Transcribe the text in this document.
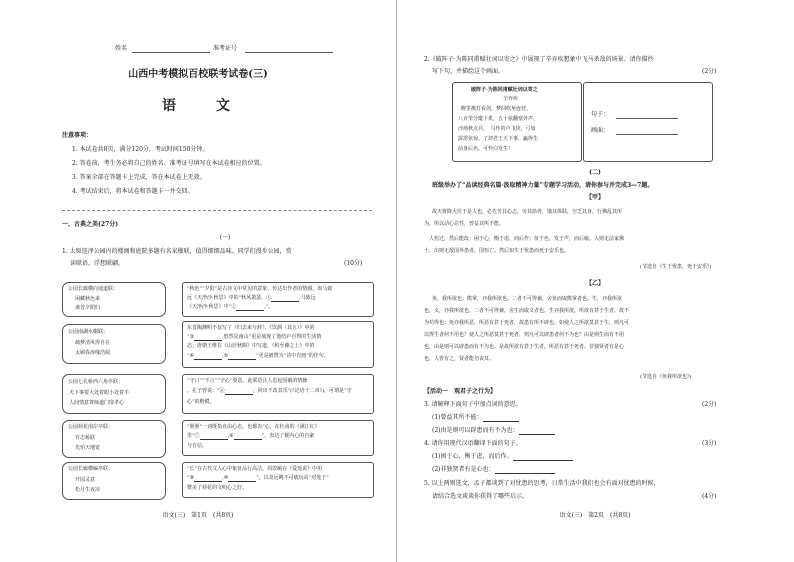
姓名	准考证号
山西中考模拟百校联考试卷(三)
语　　文
注意事项：
1. 本试卷共8页，满分120分，考试时间150分钟。
2. 答卷前，考生务必将自己的姓名、准考证号填写在本试卷相应的位置。
3. 答案全部在答题卡上完成，答在本试卷上无效。
4. 考试结束后，将本试卷和答题卡一并交回。
一、古典之美(27分)
(一)
1. 太原迎泽公园内的楼阁和庭院多题有名家楹联，值得细细品味。同学们漫步公园，赏
读联语，浮想联翩。	(10分)
公园长廊横向通道联：
闲藏秋色来
斋芳夕阳归
“秋色”“夕阳”是古诗文中常见的意象，传达出作者的情感，如马致
远《天净沙·秋思》中的“秋风萧瑟，①	,马致远
《天净沙·秋思》中“②	,”。
公园南湖水榭联：
疏梦清风得自在
太顾春涛缘浩阔
东晋陶渊明不仅写了《归去来兮辞》，《饮酒（其五）》中的
“③	,悠然见南山”更是展现了他结庐自得的生活情
态；唐朝王维在《山居秋暝》中写道，《积至藤之上》中的
“④	,⑤	”更是被赞为“诗中有画”的佳句。
公园七孔桥西六角亭联：
天下事要大处着眼小处着手
人间情意尊师道门扉孝心
“守口”“不言”“守心”要意。此联语注人思起国破的情操
。孔子曾说：“⑥	，同出不改其乐”(《论语十二章》)，可谓是“守
心”的楷模。
公园荷花南岸亭联：
有志桥联
先怕天地宽
“胆胆”一词既指直由心态，也都表“心，在杜甫的《满江红》
里“⑦	,⑧	”，表达了梗内心的自豪
与自信。
公园长廊横编亭联：
开园灵意
松月生夜凉
“长”在古代文人心中象征品行高洁。周敦颐在《爱莲说》中用
“⑨	,⑩	”，以及远眺不可亵玩焉”对莲子”
赞美了荷花的文明心之好。
语文(三)　第1页　(共8页)
2.《破阵子·为陈同甫赋壮词以寄之》中展现了辛弃疾想象中飞马杀敌的场景。请你描抄
写下句，并描绘这个画面。	(2分)
破阵子·为陈同甫赋壮词以寄之
辛弃疾
醉里挑灯看剑，梦回吹角连营。
八百里分麾下炙，五十弦翻塞外声。
沙场秋点兵。　马作的卢飞快，弓如
霹雳弦惊。了却君王天下事，赢得生
前身后名。可怜白发生！
句子：
画面：
(二)
班级举办了“品读经典名篇·汲取精神力量”专题学习活动，请你参与并完成3—7题。
【甲】
故天将降大任于是人也，必先苦其心志，劳其筋骨，饿其体肤，空乏其身，行拂乱其所
为，所以动心忍性，曾益其所不能。
　人恒过，然后能改；困于心，衡于虑，而后作；征于色，发于声，而后喻。入则无法家拂
士，出则无敌国外患者，国恒亡。然后知生于忧患而死于安乐也。
(节选自《生于忧患，死于安乐》)
【乙】
鱼，我所欲也；熊掌，亦我所欲也。二者不可得兼，舍鱼而取熊掌者也。生，亦我所欲
也，义，亦我所欲也。二者不可得兼，舍生而取义者也。生亦我所欲，所欲有甚于生者，故不
为苟得也；死亦我所恶，所恶有甚于死者，故患有所不辟也。如使人之所欲莫甚于生，则凡可
以得生者何不用也？使人之所恶莫甚于死者，则凡可以辟患者何不为也？由是则生而有不用
也，由是则可以辟患而有不为也。是故所欲有甚于生者，所恶有甚于死者。非独贤者有是心
也，人皆有之，贤者能勿丧耳。
(节选自《鱼我所欲也》)
【活动一　观君子之行为】
3. 请解释下面句子中加点词的意思。	(2分)
(1)曾益其所不能：
(2)由是则可以辟患而有不为也：
4. 请你用现代汉语翻译下面的句子。	(3分)
(1)困于心，衡于虑，而后作。
(2)非独贤者有是心也：
5. 以上两则选文，孟子都谈到了对忧患的思考，日常生活中我们也会有面对忧患的时候，
请结合选文谈谈你获得了哪些启示。	(4分)
语文(三)　第2页　(共8页)
